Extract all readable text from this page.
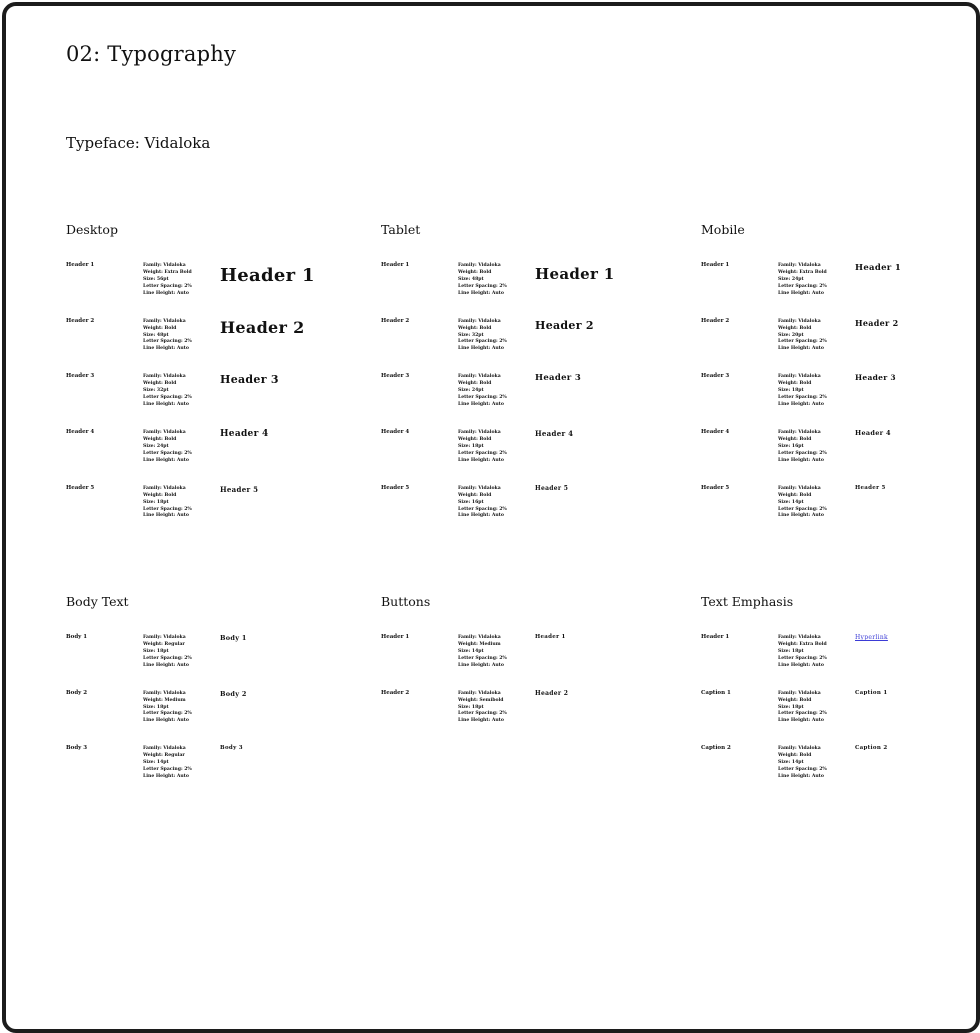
02: Typography
Typeface: Vidaloka
Desktop
Header 1	Family: Vidaloka
Weight: Extra Bold
Size: 56pt
Letter Spacing: 2%
Line Height: Auto
Header 1
Header 2	Family: Vidaloka
Weight: Bold
Size: 48pt
Letter Spacing: 2%
Line Height: Auto
Header 2
Header 3	Family: Vidaloka
Weight: Bold
Size: 32pt
Letter Spacing: 2%
Line Height: Auto
Header 3
Header 4	Family: Vidaloka
Weight: Bold
Size: 24pt
Letter Spacing: 2%
Line Height: Auto
Header 4
Header 5	Family: Vidaloka
Weight: Bold
Size: 18pt
Letter Spacing: 2%
Line Height: Auto
Header 5
Tablet
Header 1	Family: Vidaloka
Weight: Bold
Size: 48pt
Letter Spacing: 2%
Line Height: Auto
Header 1
Header 2	Family: Vidaloka
Weight: Bold
Size: 32pt
Letter Spacing: 2%
Line Height: Auto
Header 2
Header 3	Family: Vidaloka
Weight: Bold
Size: 24pt
Letter Spacing: 2%
Line Height: Auto
Header 3
Header 4	Family: Vidaloka
Weight: Bold
Size: 18pt
Letter Spacing: 2%
Line Height: Auto
Header 4
Header 5	Family: Vidaloka
Weight: Bold
Size: 16pt
Letter Spacing: 2%
Line Height: Auto
Header 5
Mobile
Header 1	Family: Vidaloka
Weight: Extra Bold
Size: 24pt
Letter Spacing: 2%
Line Height: Auto
Header 1
Header 2	Family: Vidaloka
Weight: Bold
Size: 20pt
Letter Spacing: 2%
Line Height: Auto
Header 2
Header 3	Family: Vidaloka
Weight: Bold
Size: 18pt
Letter Spacing: 2%
Line Height: Auto
Header 3
Header 4	Family: Vidaloka
Weight: Bold
Size: 16pt
Letter Spacing: 2%
Line Height: Auto
Header 4
Header 5	Family: Vidaloka
Weight: Bold
Size: 14pt
Letter Spacing: 2%
Line Height: Auto
Header 5
Body Text
Body 1	Family: Vidaloka
Weight: Regular
Size: 18pt
Letter Spacing: 2%
Line Height: Auto
Body 1
Body 2	Family: Vidaloka
Weight: Medium
Size: 18pt
Letter Spacing: 2%
Line Height: Auto
Body 2
Body 3	Family: Vidaloka
Weight: Regular
Size: 14pt
Letter Spacing: 2%
Line Height: Auto
Body 3
Buttons
Header 1	Family: Vidaloka
Weight: Medium
Size: 14pt
Letter Spacing: 2%
Line Height: Auto
Header 1
Header 2	Family: Vidaloka
Weight: Semibold
Size: 18pt
Letter Spacing: 2%
Line Height: Auto
Header 2
Text Emphasis
Header 1	Family: Vidaloka
Weight: Extra Bold
Size: 18pt
Letter Spacing: 2%
Line Height: Auto
Hyperlink
Caption 1	Family: Vidaloka
Weight: Bold
Size: 18pt
Letter Spacing: 2%
Line Height: Auto
Caption 1
Caption 2	Family: Vidaloka
Weight: Bold
Size: 14pt
Letter Spacing: 2%
Line Height: Auto
Caption 2
